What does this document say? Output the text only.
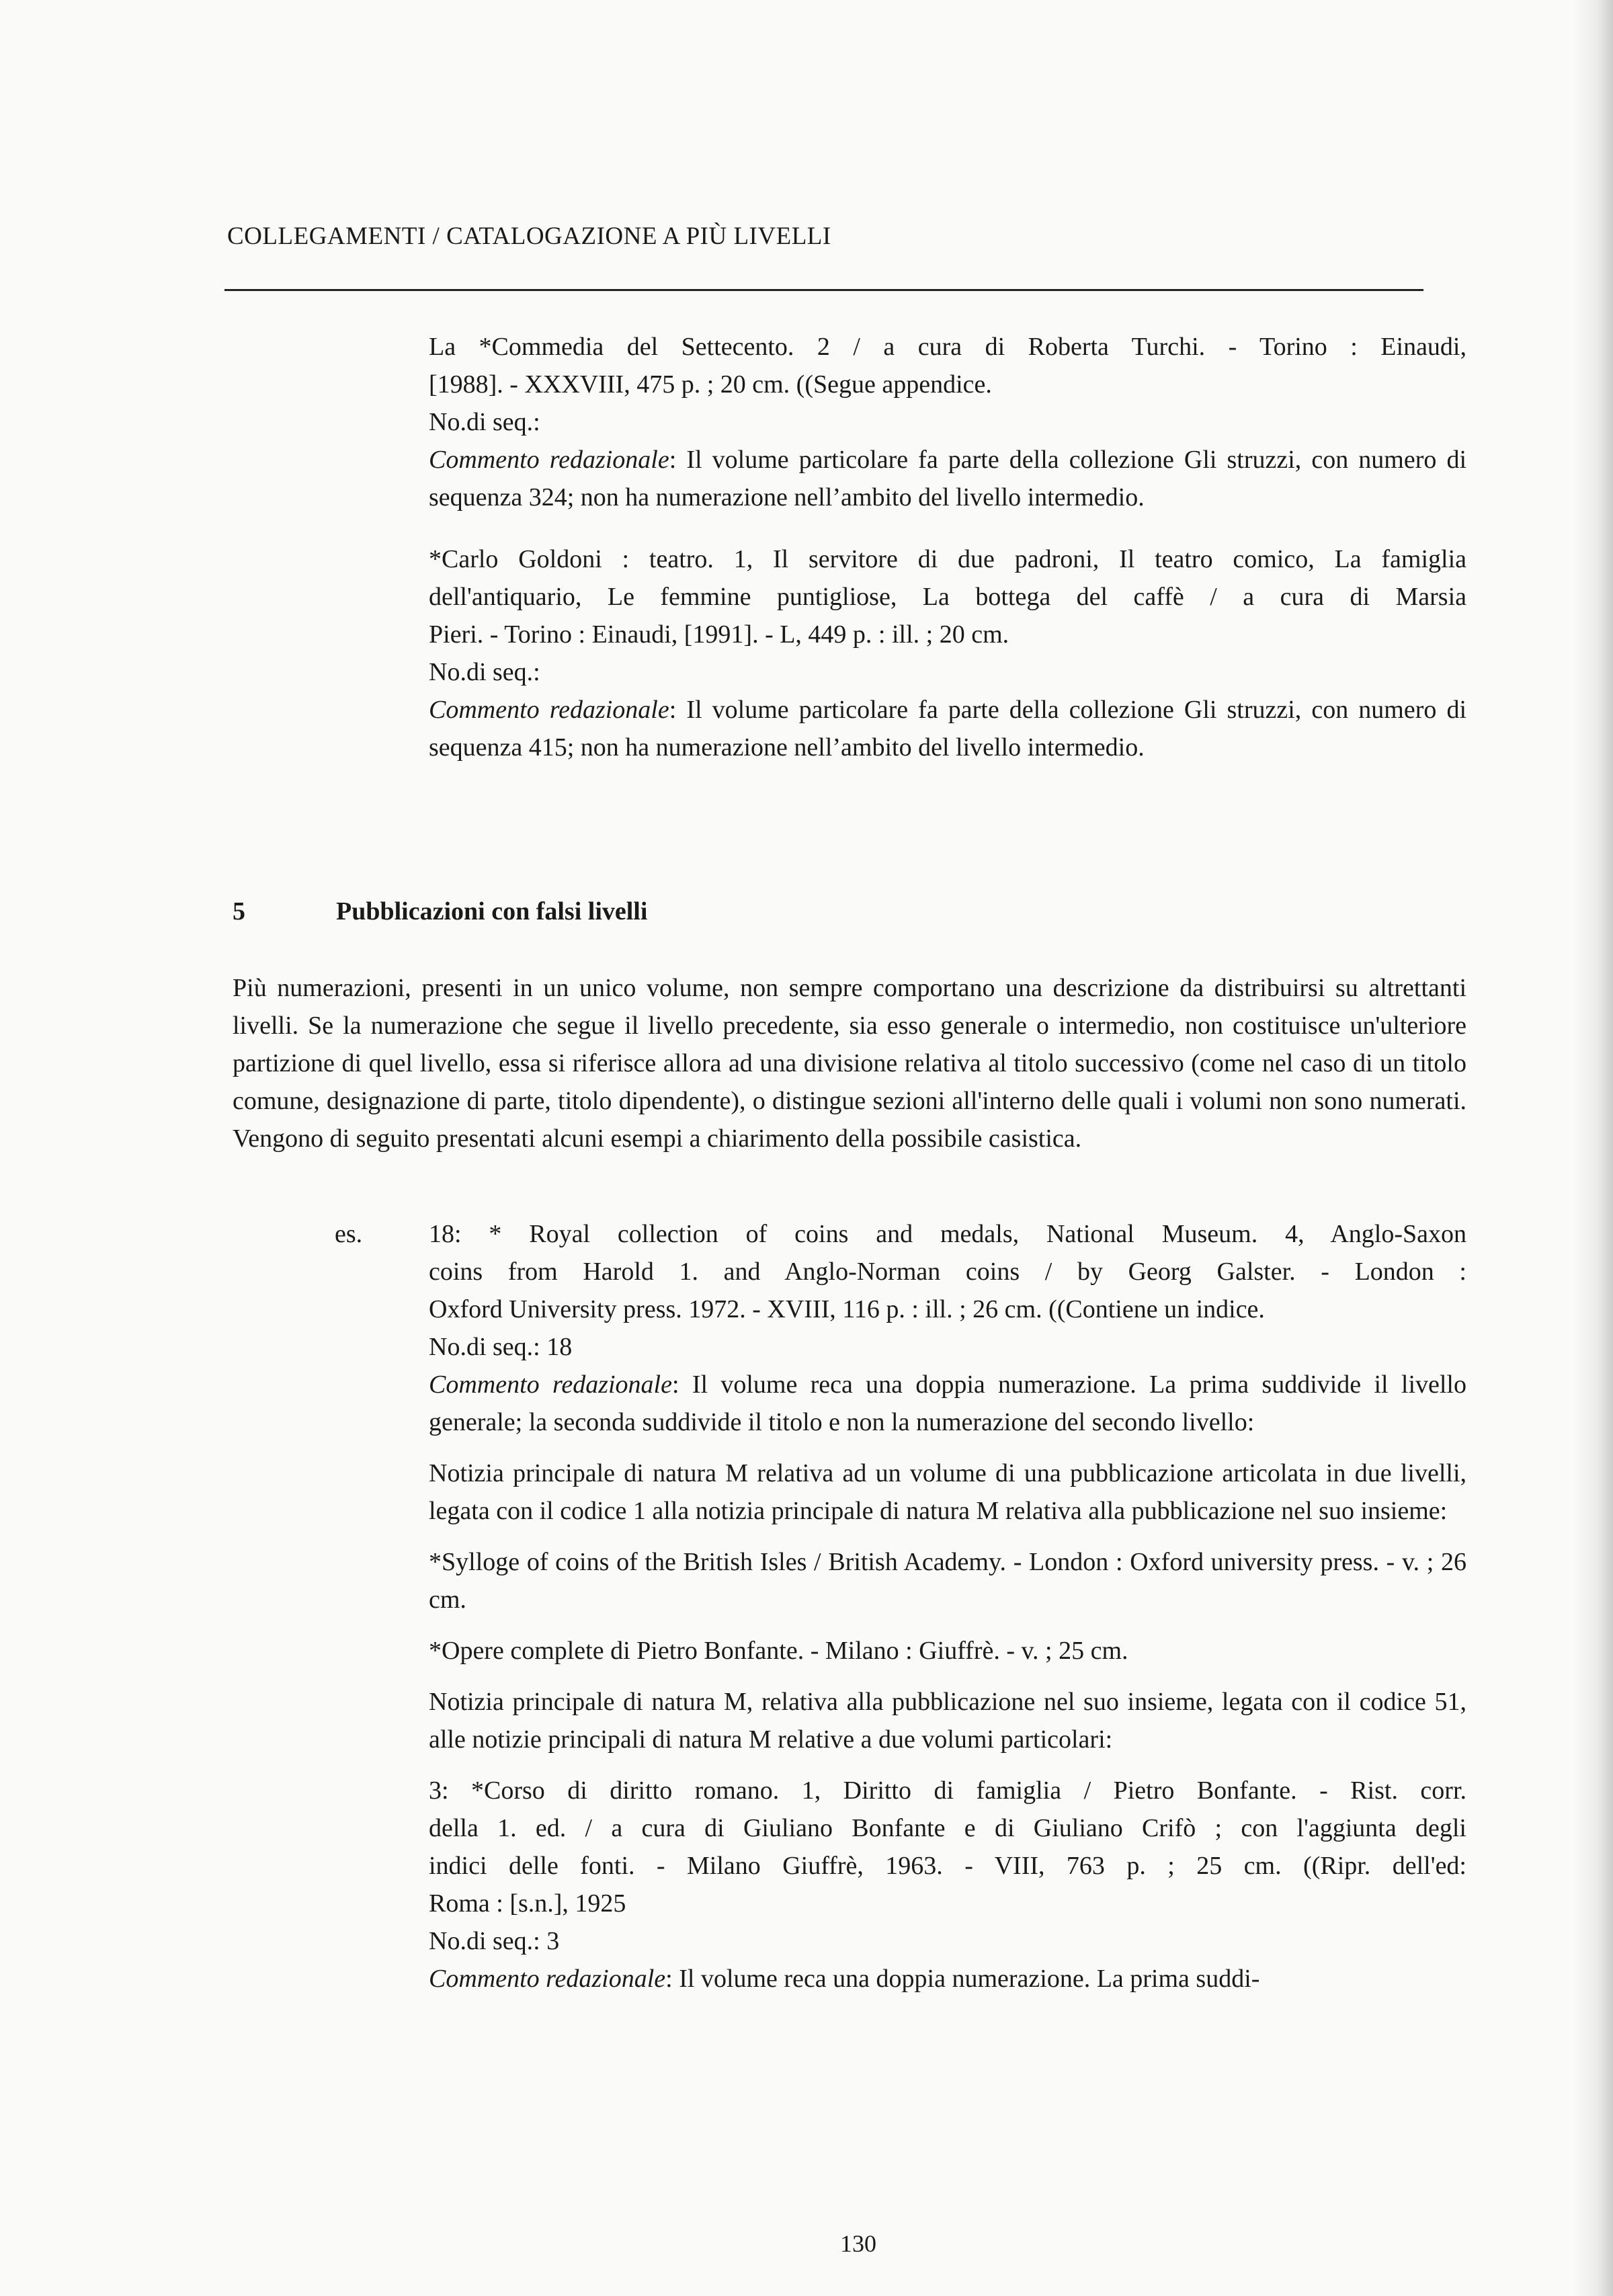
COLLEGAMENTI / CATALOGAZIONE A PIÙ LIVELLI

La *Commedia del Settecento. 2 / a cura di Roberta Turchi. - Torino : Einaudi,

[1988]. - XXXVIII, 475 p. ; 20 cm. ((Segue appendice.

No.di seq.:

Commento redazionale: Il volume particolare fa parte della collezione Gli struzzi, con numero di sequenza 324; non ha numerazione nell’ambito del livello intermedio.

*Carlo Goldoni : teatro. 1, Il servitore di due padroni, Il teatro comico, La famiglia

dell'antiquario, Le femmine puntigliose, La bottega del caffè / a cura di Marsia

Pieri. - Torino : Einaudi, [1991]. - L, 449 p. : ill. ; 20 cm.

No.di seq.:

Commento redazionale: Il volume particolare fa parte della collezione Gli struzzi, con numero di sequenza 415; non ha numerazione nell’ambito del livello intermedio.

5	Pubblicazioni con falsi livelli

Più numerazioni, presenti in un unico volume, non sempre comportano una descrizione da distribuirsi su altrettanti livelli. Se la numerazione che segue il livello precedente, sia esso generale o intermedio, non costituisce un'ulteriore partizione di quel livello, essa si riferisce allora ad una divisione relativa al titolo successivo (come nel caso di un titolo comune, designazione di parte, titolo dipendente), o distingue sezioni all'interno delle quali i volumi non sono numerati. Vengono di seguito presentati alcuni esempi a chiarimento della possibile casistica.

es.	18: * Royal collection of coins and medals, National Museum. 4, Anglo-Saxon

coins from Harold 1. and Anglo-Norman coins / by Georg Galster. - London :

Oxford University press. 1972. - XVIII, 116 p. : ill. ; 26 cm. ((Contiene un indice.

No.di seq.: 18

Commento redazionale: Il volume reca una doppia numerazione. La prima suddivide il livello generale; la seconda suddivide il titolo e non la numerazione del secondo livello:

Notizia principale di natura M relativa ad un volume di una pubblicazione articolata in due livelli, legata con il codice 1 alla notizia principale di natura M relativa alla pubblicazione nel suo insieme:

*Sylloge of coins of the British Isles / British Academy. - London : Oxford university press. - v. ; 26 cm.

*Opere complete di Pietro Bonfante. - Milano : Giuffrè. - v. ; 25 cm.

Notizia principale di natura M, relativa alla pubblicazione nel suo insieme, legata con il codice 51, alle notizie principali di natura M relative a due volumi particolari:

3: *Corso di diritto romano. 1, Diritto di famiglia / Pietro Bonfante. - Rist. corr.

della 1. ed. / a cura di Giuliano Bonfante e di Giuliano Crifò ; con l'aggiunta degli

indici delle fonti. - Milano Giuffrè, 1963. - VIII, 763 p. ; 25 cm. ((Ripr. dell'ed:

Roma : [s.n.], 1925

No.di seq.: 3

Commento redazionale: Il volume reca una doppia numerazione. La prima suddi-

130
